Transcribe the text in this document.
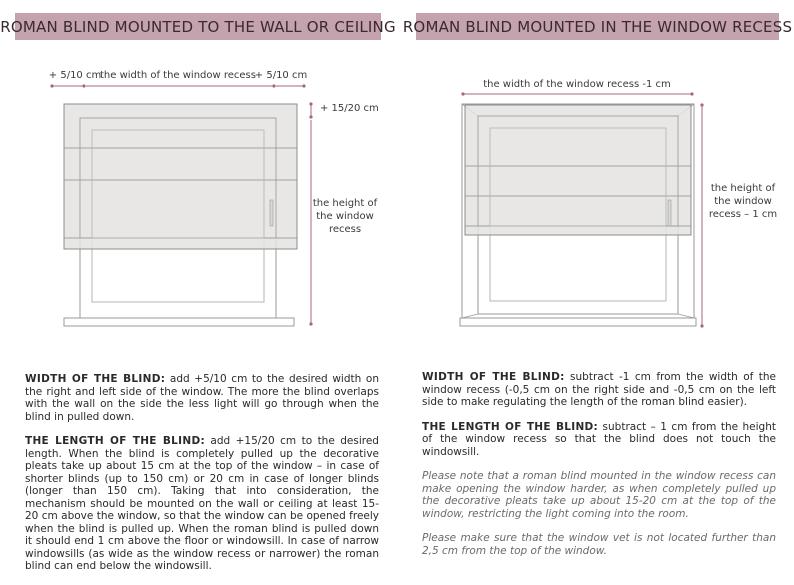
ROMAN BLIND MOUNTED TO THE WALL OR CEILING ROMAN BLIND MOUNTED IN THE WINDOW RECESS
+ 5/10 cm
the width of the window recess
+ 5/10 cm
+ 15/20 cm
the height of
the window
recess
the width of the window recess -1 cm
the height of
the window
recess – 1 cm

WIDTH OF THE BLIND: add +5/10 cm to the desired width on the right and left side of the window. The more the blind overlaps with the wall on the side the less light will go through when the blind in pulled down.

THE LENGTH OF THE BLIND: add +15/20 cm to the desired length. When the blind is completely pulled up the decorative pleats take up about 15 cm at the top of the window – in case of shorter blinds (up to 150 cm) or 20 cm in case of longer blinds (longer than 150 cm). Taking that into consideration, the mechanism should be mounted on the wall or ceiling at least 15-20 cm above the window, so that the window can be opened freely when the blind is pulled up. When the roman blind is pulled down it should end 1 cm above the floor or windowsill. In case of narrow windowsills (as wide as the window recess or narrower) the roman blind can end below the windowsill.

WIDTH OF THE BLIND: subtract -1 cm from the width of the window recess (-0,5 cm on the right side and -0,5 cm on the left side to make regulating the length of the roman blind easier).

THE LENGTH OF THE BLIND: subtract – 1 cm from the height of the window recess so that the blind does not touch the windowsill.

Please note that a roman blind mounted in the window recess can make opening the window harder, as when completely pulled up the decorative pleats take up about 15-20 cm at the top of the window, restricting the light coming into the room.

Please make sure that the window vet is not located further than 2,5 cm from the top of the window.
